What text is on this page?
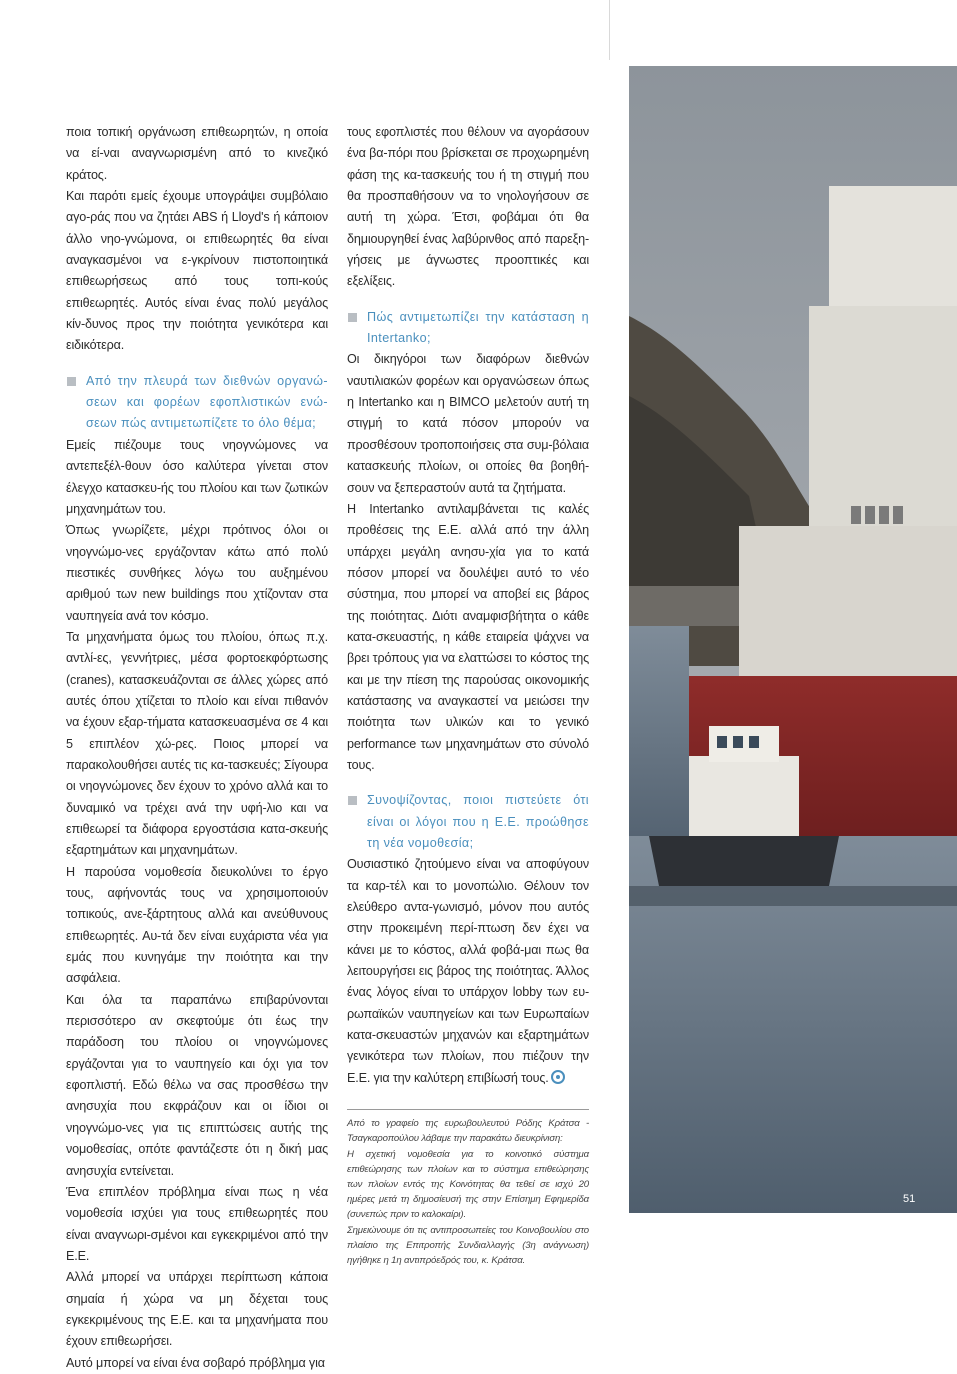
ποια τοπική οργάνωση επιθεωρητών, η οποία να εί-ναι αναγνωρισμένη από το κινεζικό κράτος.

Και παρότι εμείς έχουμε υπογράψει συμβόλαιο αγο-ράς που να ζητάει ABS ή Lloyd's ή κάποιον άλλο νηο-γνώμονα, οι επιθεωρητές θα είναι αναγκασμένοι να ε-γκρίνουν πιστοποιητικά επιθεωρήσεως από τους τοπι-κούς επιθεωρητές. Αυτός είναι ένας πολύ μεγάλος κίν-δυνος προς την ποιότητα γενικότερα και ειδικότερα.

Από την πλευρά των διεθνών οργανώ-σεων και φορέων εφοπλιστικών ενώ-σεων πώς αντιμετωπίζετε το όλο θέμα;

Εμείς πιέζουμε τους νηογνώμονες να αντεπεξέλ-θουν όσο καλύτερα γίνεται στον έλεγχο κατασκευ-ής του πλοίου και των ζωτικών μηχανημάτων του.

Όπως γνωρίζετε, μέχρι πρότινος όλοι οι νηογνώμο-νες εργάζονταν κάτω από πολύ πιεστικές συνθήκες λόγω του αυξημένου αριθμού των new buildings που χτίζονταν στα ναυπηγεία ανά τον κόσμο.

Τα μηχανήματα όμως του πλοίου, όπως π.χ. αντλί-ες, γεννήτριες, μέσα φορτοεκφόρτωσης (cranes), κατασκευάζονται σε άλλες χώρες από αυτές όπου χτίζεται το πλοίο και είναι πιθανόν να έχουν εξαρ-τήματα κατασκευασμένα σε 4 και 5 επιπλέον χώ-ρες. Ποιος μπορεί να παρακολουθήσει αυτές τις κα-τασκευές; Σίγουρα οι νηογνώμονες δεν έχουν το χρόνο αλλά και το δυναμικό να τρέχει ανά την υφή-λιο και να επιθεωρεί τα διάφορα εργοστάσια κατα-σκευής εξαρτημάτων και μηχανημάτων.

Η παρούσα νομοθεσία διευκολύνει το έργο τους, αφήνοντάς τους να χρησιμοποιούν τοπικούς, ανε-ξάρτητους αλλά και ανεύθυνους επιθεωρητές. Αυ-τά δεν είναι ευχάριστα νέα για εμάς που κυνηγάμε την ποιότητα και την ασφάλεια.

Και όλα τα παραπάνω επιβαρύνονται περισσότερο αν σκεφτούμε ότι έως την παράδοση του πλοίου οι νηογνώμονες εργάζονται για το ναυπηγείο και όχι για τον εφοπλιστή. Εδώ θέλω να σας προσθέσω την ανησυχία που εκφράζουν και οι ίδιοι οι νηογνώμο-νες για τις επιπτώσεις αυτής της νομοθεσίας, οπότε φαντάζεστε ότι η δική μας ανησυχία εντείνεται.

Ένα επιπλέον πρόβλημα είναι πως η νέα νομοθεσία ισχύει για τους επιθεωρητές που είναι αναγνωρι-σμένοι και εγκεκριμένοι από την Ε.Ε.

Αλλά μπορεί να υπάρχει περίπτωση κάποια σημαία ή χώρα να μη δέχεται τους εγκεκριμένους της Ε.Ε. και τα μηχανήματα που έχουν επιθεωρήσει.

Αυτό μπορεί να είναι ένα σοβαρό πρόβλημα για

τους εφοπλιστές που θέλουν να αγοράσουν ένα βα-πόρι που βρίσκεται σε προχωρημένη φάση της κα-τασκευής του ή τη στιγμή που θα προσπαθήσουν να το νηολογήσουν σε αυτή τη χώρα. Έτσι, φοβάμαι ότι θα δημιουργηθεί ένας λαβύρινθος από παρεξη-γήσεις με άγνωστες προοπτικές και εξελίξεις.

Πώς αντιμετωπίζει την κατάσταση η Intertanko;

Οι δικηγόροι των διαφόρων διεθνών ναυτιλιακών φορέων και οργανώσεων όπως η Intertanko και η BIMCO μελετούν αυτή τη στιγμή το κατά πόσον μπορούν να προσθέσουν τροποποιήσεις στα συμ-βόλαια κατασκευής πλοίων, οι οποίες θα βοηθή-σουν να ξεπεραστούν αυτά τα ζητήματα.

Η Intertanko αντιλαμβάνεται τις καλές προθέσεις της Ε.Ε. αλλά από την άλλη υπάρχει μεγάλη ανησυ-χία για το κατά πόσον μπορεί να δουλέψει αυτό το νέο σύστημα, που μπορεί να αποβεί εις βάρος της ποιότητας. Διότι αναμφισβήτητα ο κάθε κατα-σκευαστής, η κάθε εταιρεία ψάχνει να βρει τρόπους για να ελαττώσει το κόστος της και με την πίεση της παρούσας οικονομικής κατάστασης να αναγκαστεί να μειώσει την ποιότητα των υλικών και το γενικό performance των μηχανημάτων στο σύνολό τους.

Συνοψίζοντας, ποιοι πιστεύετε ότι είναι οι λόγοι που η Ε.Ε. προώθησε τη νέα νομοθεσία;

Ουσιαστικό ζητούμενο είναι να αποφύγουν τα καρ-τέλ και το μονοπώλιο. Θέλουν τον ελεύθερο αντα-γωνισμό, μόνον που αυτός στην προκειμένη περί-πτωση δεν έχει να κάνει με το κόστος, αλλά φοβά-μαι πως θα λειτουργήσει εις βάρος της ποιότητας. Άλλος ένας λόγος είναι το υπάρχον lobby των ευ-ρωπαϊκών ναυπηγείων και των Ευρωπαίων κατα-σκευαστών μηχανών και εξαρτημάτων γενικότερα των πλοίων, που πιέζουν την Ε.Ε. για την καλύτερη επιβίωσή τους.

Από το γραφείο της ευρωβουλευτού Ρόδης Κράτσα - Τσαγκαροπούλου λάβαμε την παρακάτω διευκρίνιση:

Η σχετική νομοθεσία για το κοινοτικό σύστημα επιθεώρησης των πλοίων και το σύστημα επιθεώρησης των πλοίων εντός της Κοινότητας θα τεθεί σε ισχύ 20 ημέρες μετά τη δημοσίευσή της στην Επίσημη Εφημερίδα (συνεπώς πριν το καλοκαίρι).

Σημειώνουμε ότι τις αντιπροσωπείες του Κοινοβουλίου στο πλαίσιο της Επιτροπής Συνδιαλλαγής (3η ανάγνωση) ηγήθηκε η 1η αντιπρόεδρός του, κ. Κράτσα.

51
